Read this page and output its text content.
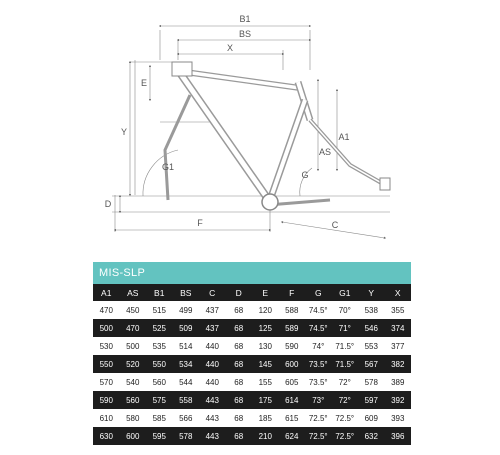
B1
BS
X
E
Y
G1
D
F
G
AS
A1
C
MIS-SLP											
A1	AS	B1	BS	C	D	E	F	G	G1	Y	X
470	450	515	499	437	68	120	588	74.5°	70°	538	355
500	470	525	509	437	68	125	589	74.5°	71°	546	374
530	500	535	514	440	68	130	590	74°	71.5°	553	377
550	520	550	534	440	68	145	600	73.5°	71.5°	567	382
570	540	560	544	440	68	155	605	73.5°	72°	578	389
590	560	575	558	443	68	175	614	73°	72°	597	392
610	580	585	566	443	68	185	615	72.5°	72.5°	609	393
630	600	595	578	443	68	210	624	72.5°	72.5°	632	396
